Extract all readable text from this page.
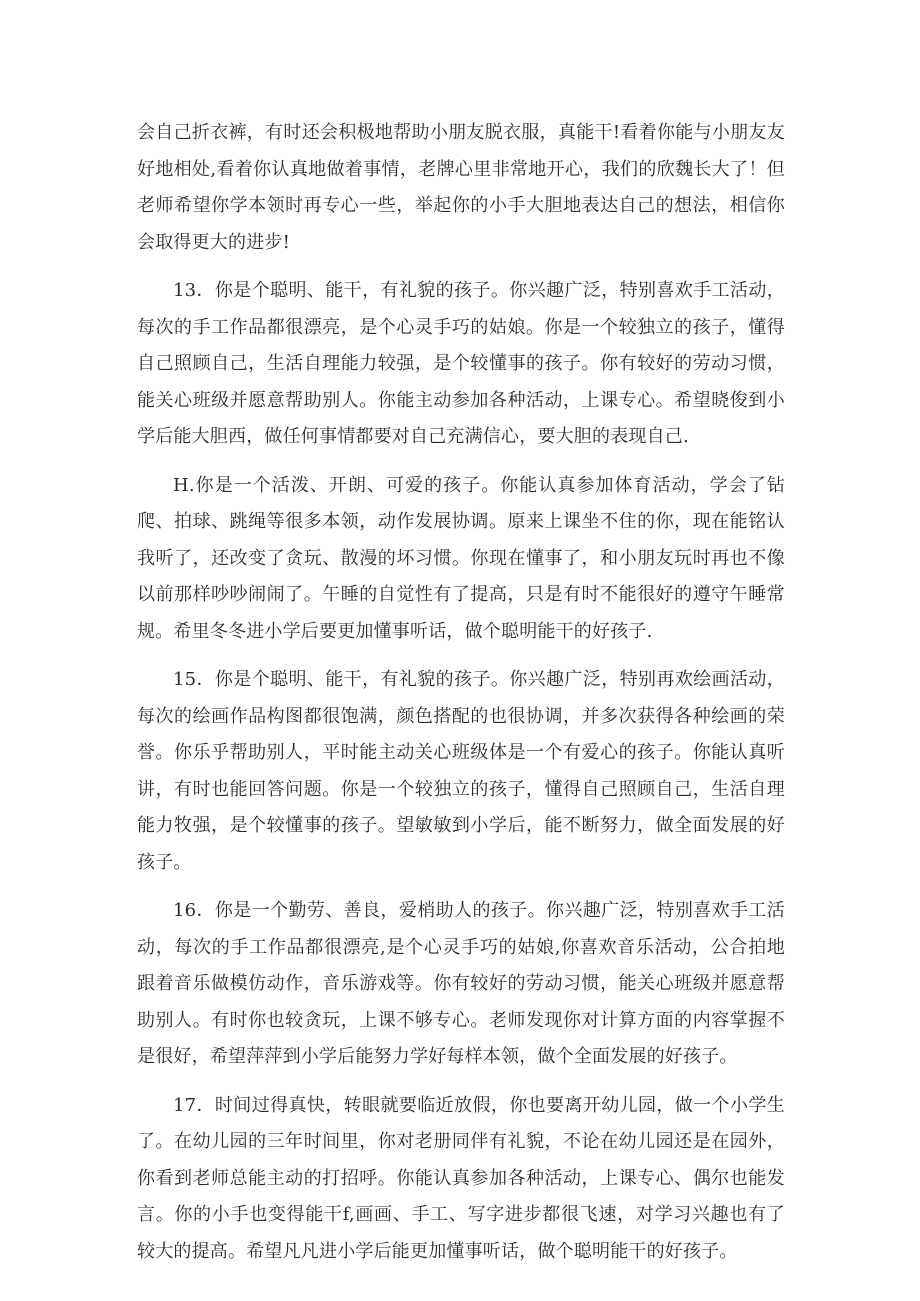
会自己折衣裤，有时还会积极地帮助小朋友脱衣服，真能干!看着你能与小朋友友好地相处,看着你认真地做着事情，老牌心里非常地开心，我们的欣魏长大了！但老师希望你学本领时再专心一些，举起你的小手大胆地表达自己的想法，相信你会取得更大的进步!

13．你是个聪明、能干，有礼貌的孩子。你兴趣广泛，特别喜欢手工活动，每次的手工作品都很漂亮，是个心灵手巧的姑娘。你是一个较独立的孩子，懂得自己照顾自己，生活自理能力较强，是个较懂事的孩子。你有较好的劳动习惯，能关心班级并愿意帮助别人。你能主动参加各种活动，上课专心。希望晓俊到小学后能大胆西，做任何事情都要对自己充满信心，要大胆的表现自己.

H.你是一个活泼、开朗、可爱的孩子。你能认真参加体育活动，学会了钻爬、拍球、跳绳等很多本领，动作发展协调。原来上课坐不住的你，现在能铭认我听了，还改变了贪玩、散漫的坏习惯。你现在懂事了，和小朋友玩时再也不像以前那样吵吵闹闹了。午睡的自觉性有了提高，只是有时不能很好的遵守午睡常规。希里冬冬进小学后要更加懂事听话，做个聪明能干的好孩子.

15．你是个聪明、能干，有礼貌的孩子。你兴趣广泛，特别再欢绘画活动，每次的绘画作品构图都很饱满，颜色搭配的也很协调，并多次获得各种绘画的荣誉。你乐乎帮助别人，平时能主动关心班级体是一个有爱心的孩子。你能认真听讲，有时也能回答问题。你是一个较独立的孩子，懂得自己照顾自己，生活自理能力牧强，是个较懂事的孩子。望敏敏到小学后，能不断努力，做全面发展的好孩子。

16．你是一个勤劳、善良，爱梢助人的孩子。你兴趣广泛，特别喜欢手工活动，每次的手工作品都很漂亮,是个心灵手巧的姑娘,你喜欢音乐活动，公合拍地跟着音乐做模仿动作，音乐游戏等。你有较好的劳动习惯，能关心班级并愿意帮助别人。有时你也较贪玩，上课不够专心。老师发现你对计算方面的内容掌握不是很好，希望萍萍到小学后能努力学好每样本领，做个全面发展的好孩子。

17．时间过得真快，转眼就要临近放假，你也要离开幼儿园，做一个小学生了。在幼儿园的三年时间里，你对老册同伴有礼貌，不论在幼儿园还是在园外，你看到老师总能主动的打招呼。你能认真参加各种活动，上课专心、偶尔也能发言。你的小手也变得能干f,画画、手工、写字进步都很飞速，对学习兴趣也有了较大的提高。希望凡凡进小学后能更加懂事听话，做个聪明能干的好孩子。
